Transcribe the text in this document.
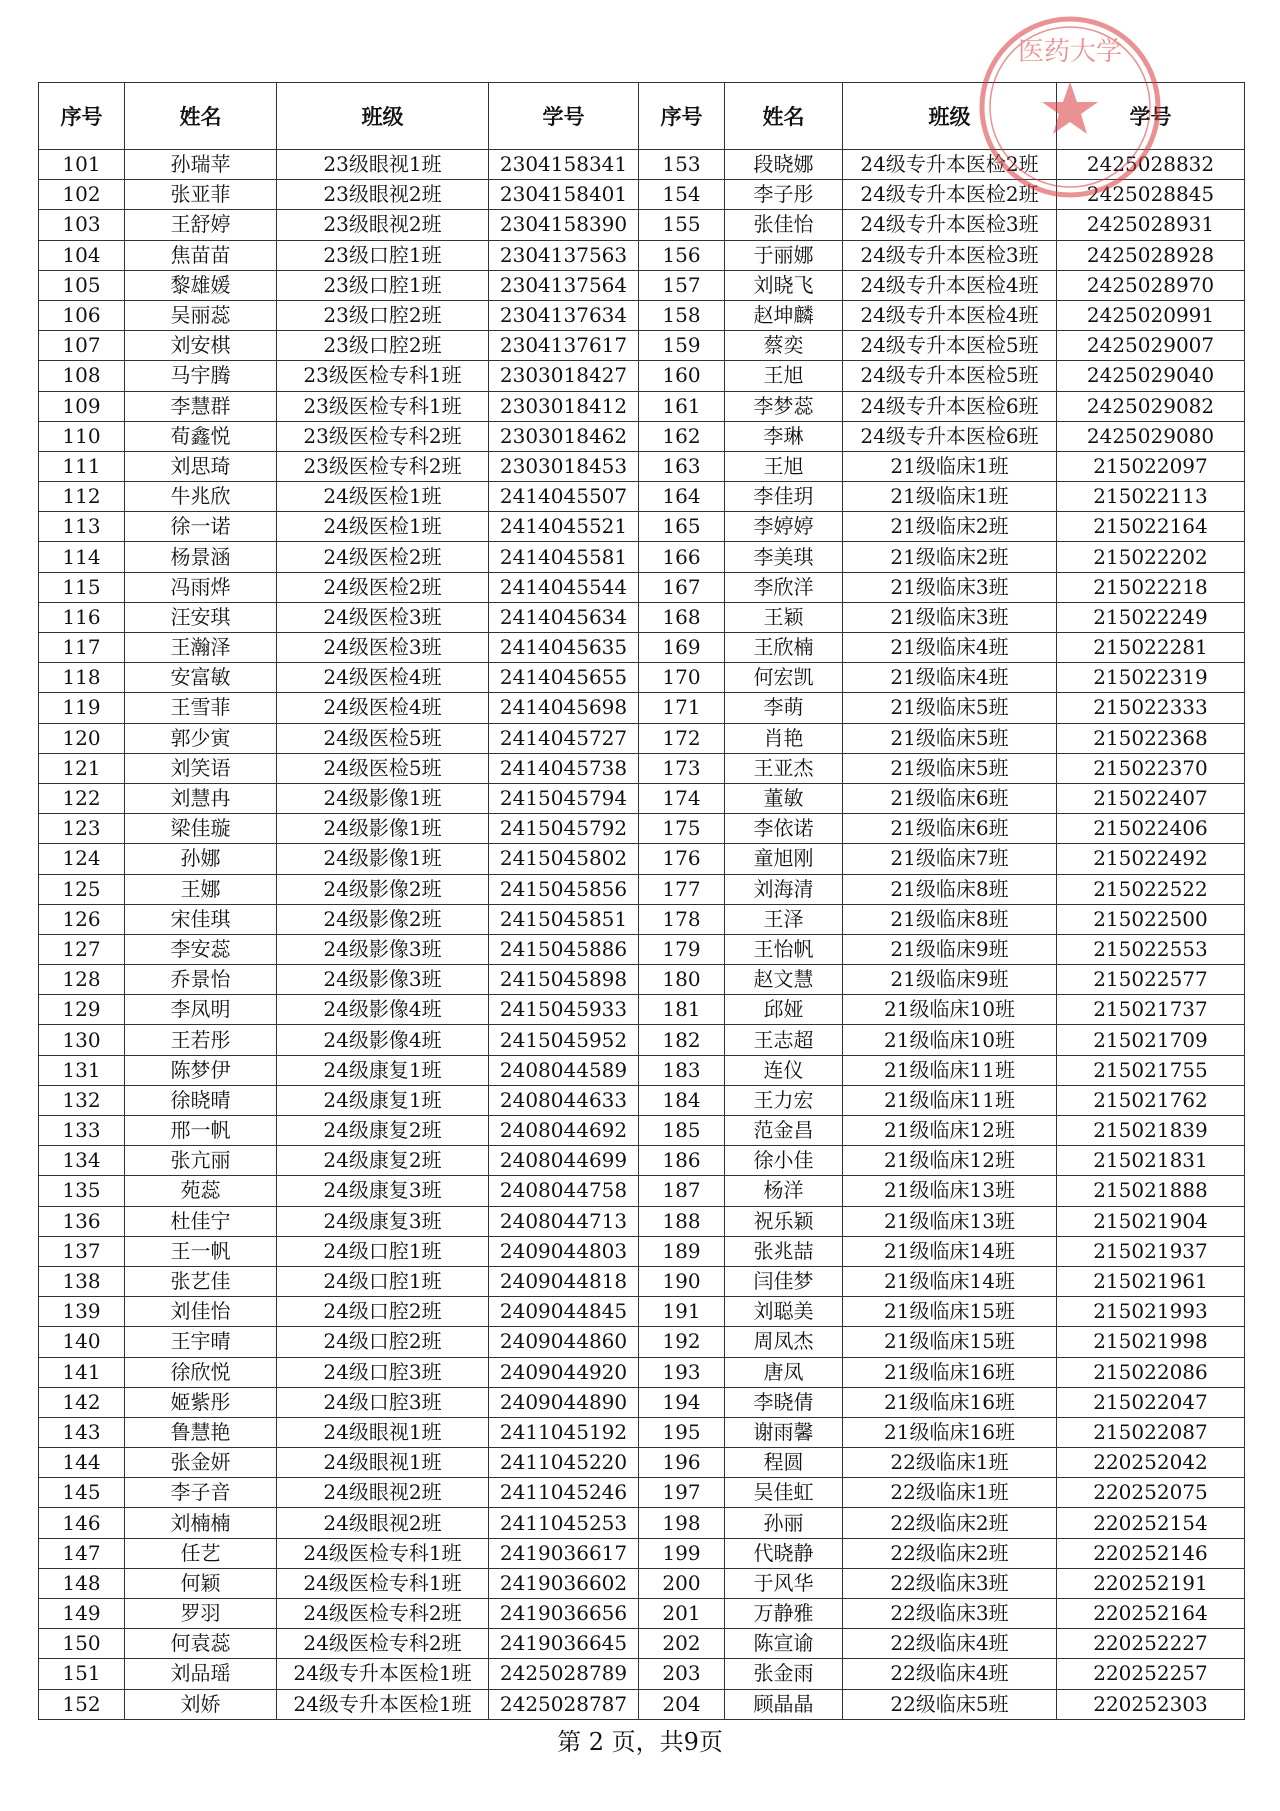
序号	姓名	班级	学号	序号	姓名	班级	学号
101	孙瑞苹	23级眼视1班	2304158341	153	段晓娜	24级专升本医检2班	2425028832
102	张亚菲	23级眼视2班	2304158401	154	李子彤	24级专升本医检2班	2425028845
103	王舒婷	23级眼视2班	2304158390	155	张佳怡	24级专升本医检3班	2425028931
104	焦苗苗	23级口腔1班	2304137563	156	于丽娜	24级专升本医检3班	2425028928
105	黎雄媛	23级口腔1班	2304137564	157	刘晓飞	24级专升本医检4班	2425028970
106	吴丽蕊	23级口腔2班	2304137634	158	赵坤麟	24级专升本医检4班	2425020991
107	刘安棋	23级口腔2班	2304137617	159	蔡奕	24级专升本医检5班	2425029007
108	马宇腾	23级医检专科1班	2303018427	160	王旭	24级专升本医检5班	2425029040
109	李慧群	23级医检专科1班	2303018412	161	李梦蕊	24级专升本医检6班	2425029082
110	荀鑫悦	23级医检专科2班	2303018462	162	李琳	24级专升本医检6班	2425029080
111	刘思琦	23级医检专科2班	2303018453	163	王旭	21级临床1班	215022097
112	牛兆欣	24级医检1班	2414045507	164	李佳玥	21级临床1班	215022113
113	徐一诺	24级医检1班	2414045521	165	李婷婷	21级临床2班	215022164
114	杨景涵	24级医检2班	2414045581	166	李美琪	21级临床2班	215022202
115	冯雨烨	24级医检2班	2414045544	167	李欣洋	21级临床3班	215022218
116	汪安琪	24级医检3班	2414045634	168	王颖	21级临床3班	215022249
117	王瀚泽	24级医检3班	2414045635	169	王欣楠	21级临床4班	215022281
118	安富敏	24级医检4班	2414045655	170	何宏凯	21级临床4班	215022319
119	王雪菲	24级医检4班	2414045698	171	李萌	21级临床5班	215022333
120	郭少寅	24级医检5班	2414045727	172	肖艳	21级临床5班	215022368
121	刘笑语	24级医检5班	2414045738	173	王亚杰	21级临床5班	215022370
122	刘慧冉	24级影像1班	2415045794	174	董敏	21级临床6班	215022407
123	梁佳璇	24级影像1班	2415045792	175	李依诺	21级临床6班	215022406
124	孙娜	24级影像1班	2415045802	176	童旭刚	21级临床7班	215022492
125	王娜	24级影像2班	2415045856	177	刘海清	21级临床8班	215022522
126	宋佳琪	24级影像2班	2415045851	178	王泽	21级临床8班	215022500
127	李安蕊	24级影像3班	2415045886	179	王怡帆	21级临床9班	215022553
128	乔景怡	24级影像3班	2415045898	180	赵文慧	21级临床9班	215022577
129	李凤明	24级影像4班	2415045933	181	邱娅	21级临床10班	215021737
130	王若彤	24级影像4班	2415045952	182	王志超	21级临床10班	215021709
131	陈梦伊	24级康复1班	2408044589	183	连仪	21级临床11班	215021755
132	徐晓晴	24级康复1班	2408044633	184	王力宏	21级临床11班	215021762
133	邢一帆	24级康复2班	2408044692	185	范金昌	21级临床12班	215021839
134	张亢丽	24级康复2班	2408044699	186	徐小佳	21级临床12班	215021831
135	苑蕊	24级康复3班	2408044758	187	杨洋	21级临床13班	215021888
136	杜佳宁	24级康复3班	2408044713	188	祝乐颖	21级临床13班	215021904
137	王一帆	24级口腔1班	2409044803	189	张兆喆	21级临床14班	215021937
138	张艺佳	24级口腔1班	2409044818	190	闫佳梦	21级临床14班	215021961
139	刘佳怡	24级口腔2班	2409044845	191	刘聪美	21级临床15班	215021993
140	王宇晴	24级口腔2班	2409044860	192	周凤杰	21级临床15班	215021998
141	徐欣悦	24级口腔3班	2409044920	193	唐凤	21级临床16班	215022086
142	姬紫彤	24级口腔3班	2409044890	194	李晓倩	21级临床16班	215022047
143	鲁慧艳	24级眼视1班	2411045192	195	谢雨馨	21级临床16班	215022087
144	张金妍	24级眼视1班	2411045220	196	程圆	22级临床1班	220252042
145	李子音	24级眼视2班	2411045246	197	吴佳虹	22级临床1班	220252075
146	刘楠楠	24级眼视2班	2411045253	198	孙丽	22级临床2班	220252154
147	任艺	24级医检专科1班	2419036617	199	代晓静	22级临床2班	220252146
148	何颖	24级医检专科1班	2419036602	200	于风华	22级临床3班	220252191
149	罗羽	24级医检专科2班	2419036656	201	万静雅	22级临床3班	220252164
150	何袁蕊	24级医检专科2班	2419036645	202	陈宣谕	22级临床4班	220252227
151	刘品瑶	24级专升本医检1班	2425028789	203	张金雨	22级临床4班	220252257
152	刘娇	24级专升本医检1班	2425028787	204	顾晶晶	22级临床5班	220252303
医药大学
第 2 页，共9页
